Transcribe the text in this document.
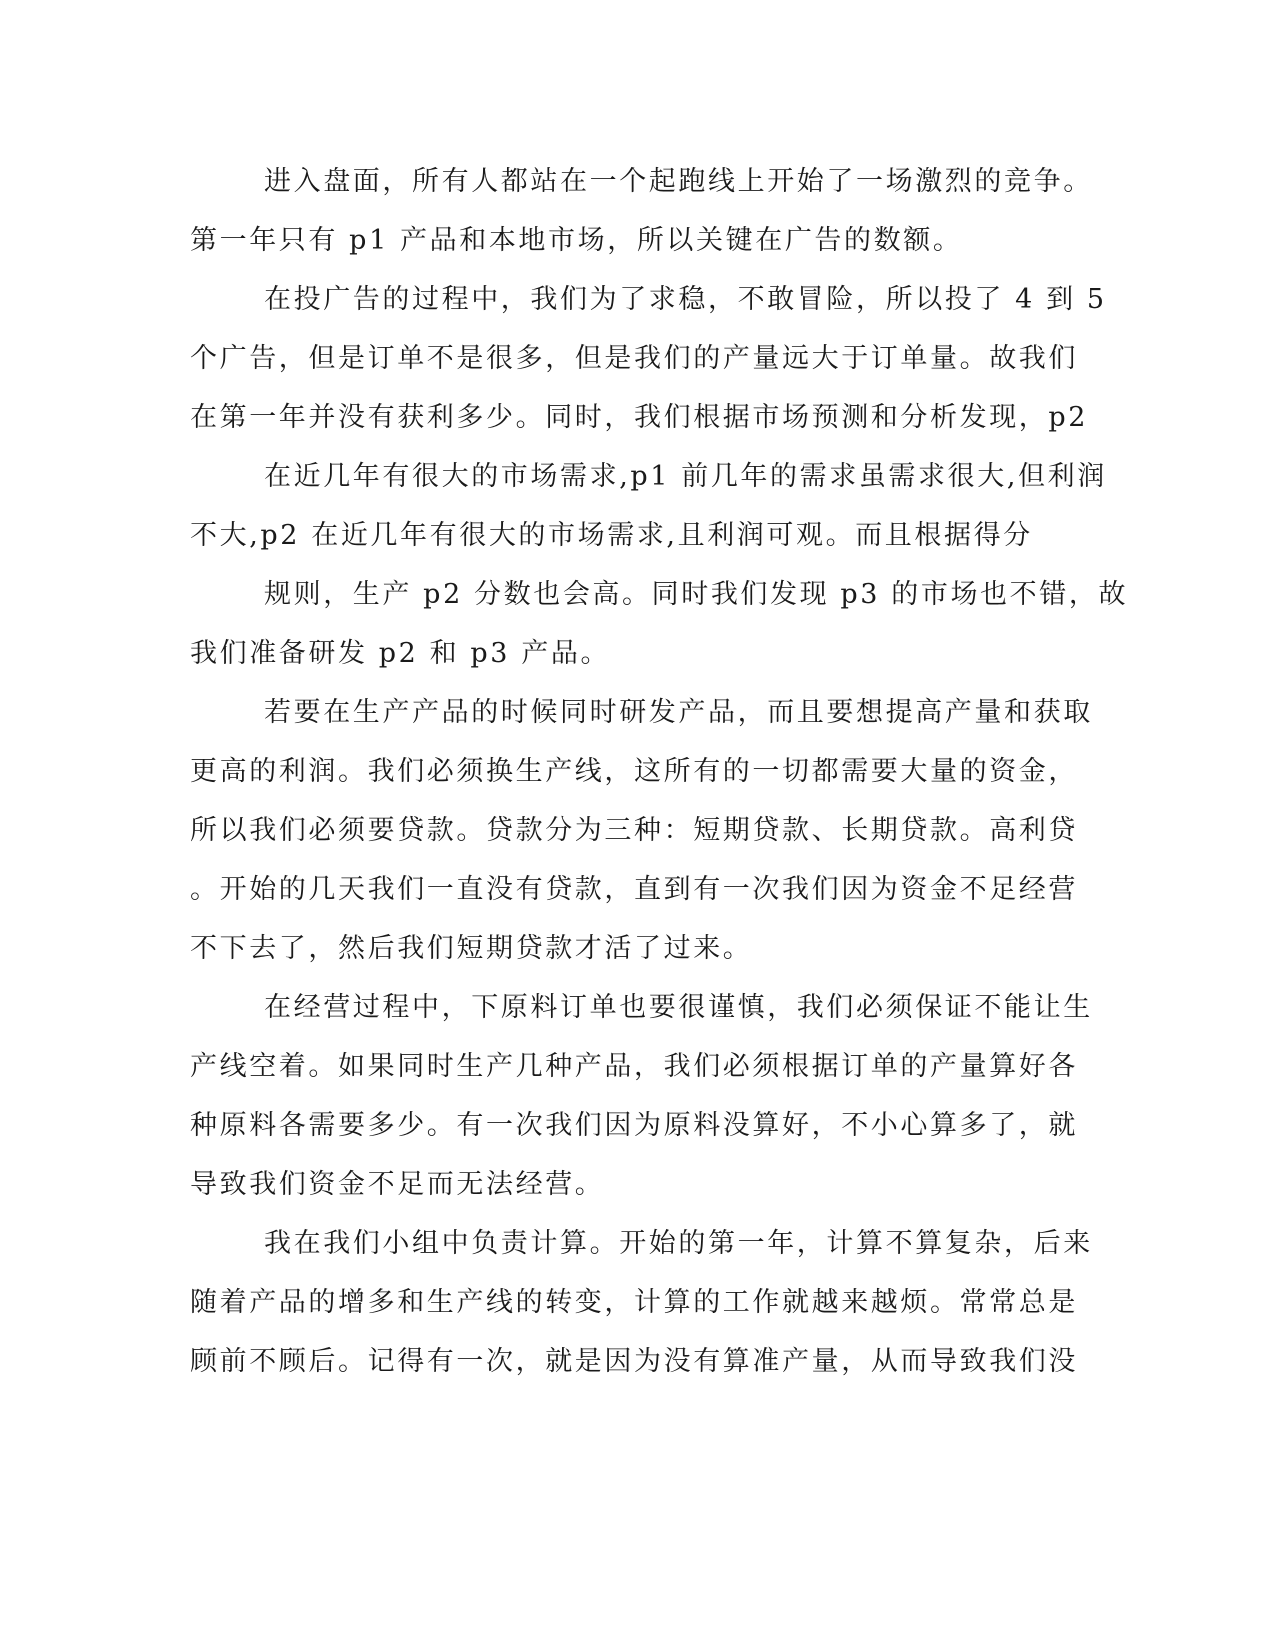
进入盘面，所有人都站在一个起跑线上开始了一场激烈的竞争。
第一年只有 p1 产品和本地市场，所以关键在广告的数额。
在投广告的过程中，我们为了求稳，不敢冒险，所以投了 4 到 5
个广告，但是订单不是很多，但是我们的产量远大于订单量。故我们
在第一年并没有获利多少。同时，我们根据市场预测和分析发现，p2
在近几年有很大的市场需求,p1 前几年的需求虽需求很大,但利润
不大,p2 在近几年有很大的市场需求,且利润可观。而且根据得分
规则，生产 p2 分数也会高。同时我们发现 p3 的市场也不错，故
我们准备研发 p2 和 p3 产品。
若要在生产产品的时候同时研发产品，而且要想提高产量和获取
更高的利润。我们必须换生产线，这所有的一切都需要大量的资金，
所以我们必须要贷款。贷款分为三种：短期贷款、长期贷款。高利贷
。开始的几天我们一直没有贷款，直到有一次我们因为资金不足经营
不下去了，然后我们短期贷款才活了过来。
在经营过程中，下原料订单也要很谨慎，我们必须保证不能让生
产线空着。如果同时生产几种产品，我们必须根据订单的产量算好各
种原料各需要多少。有一次我们因为原料没算好，不小心算多了，就
导致我们资金不足而无法经营。
我在我们小组中负责计算。开始的第一年，计算不算复杂，后来
随着产品的增多和生产线的转变，计算的工作就越来越烦。常常总是
顾前不顾后。记得有一次，就是因为没有算准产量，从而导致我们没
